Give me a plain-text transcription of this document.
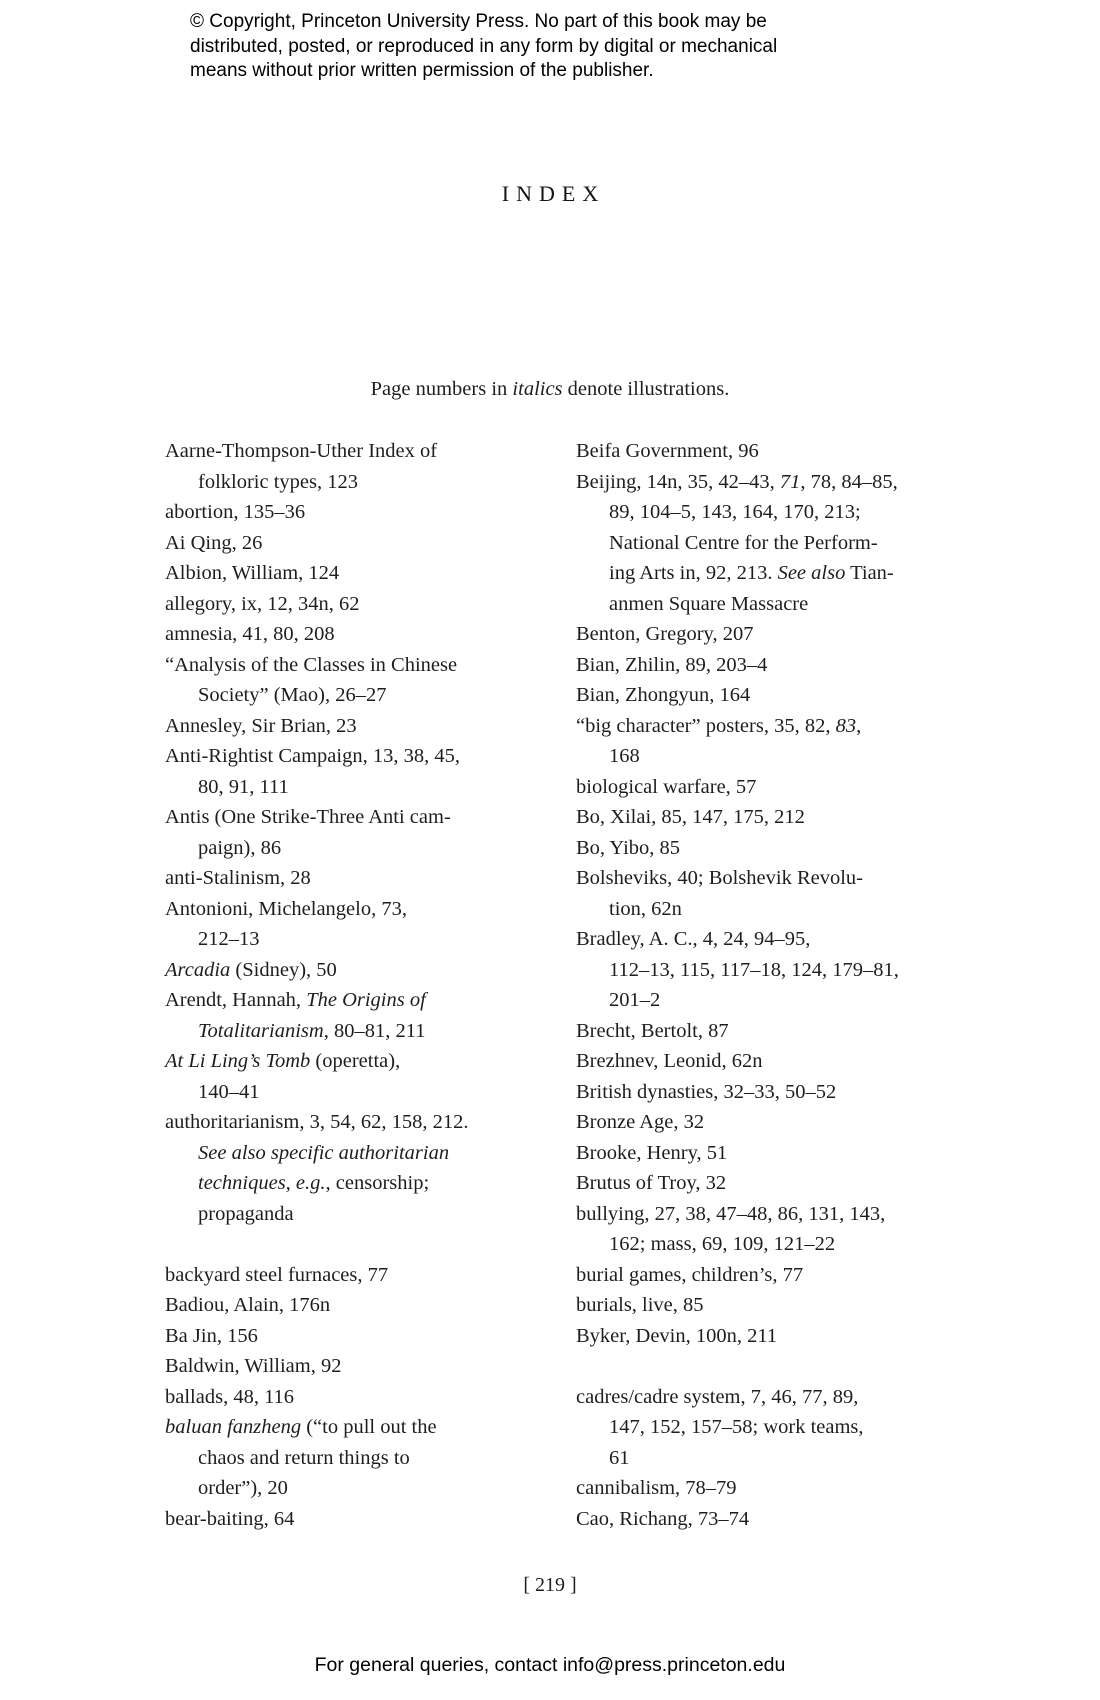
© Copyright, Princeton University Press. No part of this book may be
distributed, posted, or reproduced in any form by digital or mechanical
means without prior written permission of the publisher.
INDEX
Page numbers in italics denote illustrations.
Aarne-Thompson-Uther Index of
folkloric types, 123
abortion, 135–36
Ai Qing, 26
Albion, William, 124
allegory, ix, 12, 34n, 62
amnesia, 41, 80, 208
“Analysis of the Classes in Chinese
Society” (Mao), 26–27
Annesley, Sir Brian, 23
Anti-Rightist Campaign, 13, 38, 45,
80, 91, 111
Antis (One Strike-Three Anti cam-
paign), 86
anti-Stalinism, 28
Antonioni, Michelangelo, 73,
212–13
Arcadia (Sidney), 50
Arendt, Hannah, The Origins of
Totalitarianism, 80–81, 211
At Li Ling’s Tomb (operetta),
140–41
authoritarianism, 3, 54, 62, 158, 212.
See also specific authoritarian
techniques, e.g., censorship;
propaganda
backyard steel furnaces, 77
Badiou, Alain, 176n
Ba Jin, 156
Baldwin, William, 92
ballads, 48, 116
baluan fanzheng (“to pull out the
chaos and return things to
order”), 20
bear-baiting, 64
Beifa Government, 96
Beijing, 14n, 35, 42–43, 71, 78, 84–85,
89, 104–5, 143, 164, 170, 213;
National Centre for the Perform-
ing Arts in, 92, 213. See also Tian-
anmen Square Massacre
Benton, Gregory, 207
Bian, Zhilin, 89, 203–4
Bian, Zhongyun, 164
“big character” posters, 35, 82, 83,
168
biological warfare, 57
Bo, Xilai, 85, 147, 175, 212
Bo, Yibo, 85
Bolsheviks, 40; Bolshevik Revolu-
tion, 62n
Bradley, A. C., 4, 24, 94–95,
112–13, 115, 117–18, 124, 179–81,
201–2
Brecht, Bertolt, 87
Brezhnev, Leonid, 62n
British dynasties, 32–33, 50–52
Bronze Age, 32
Brooke, Henry, 51
Brutus of Troy, 32
bullying, 27, 38, 47–48, 86, 131, 143,
162; mass, 69, 109, 121–22
burial games, children’s, 77
burials, live, 85
Byker, Devin, 100n, 211
cadres/cadre system, 7, 46, 77, 89,
147, 152, 157–58; work teams,
61
cannibalism, 78–79
Cao, Richang, 73–74
[ 219 ]
For general queries, contact info@press.princeton.edu
